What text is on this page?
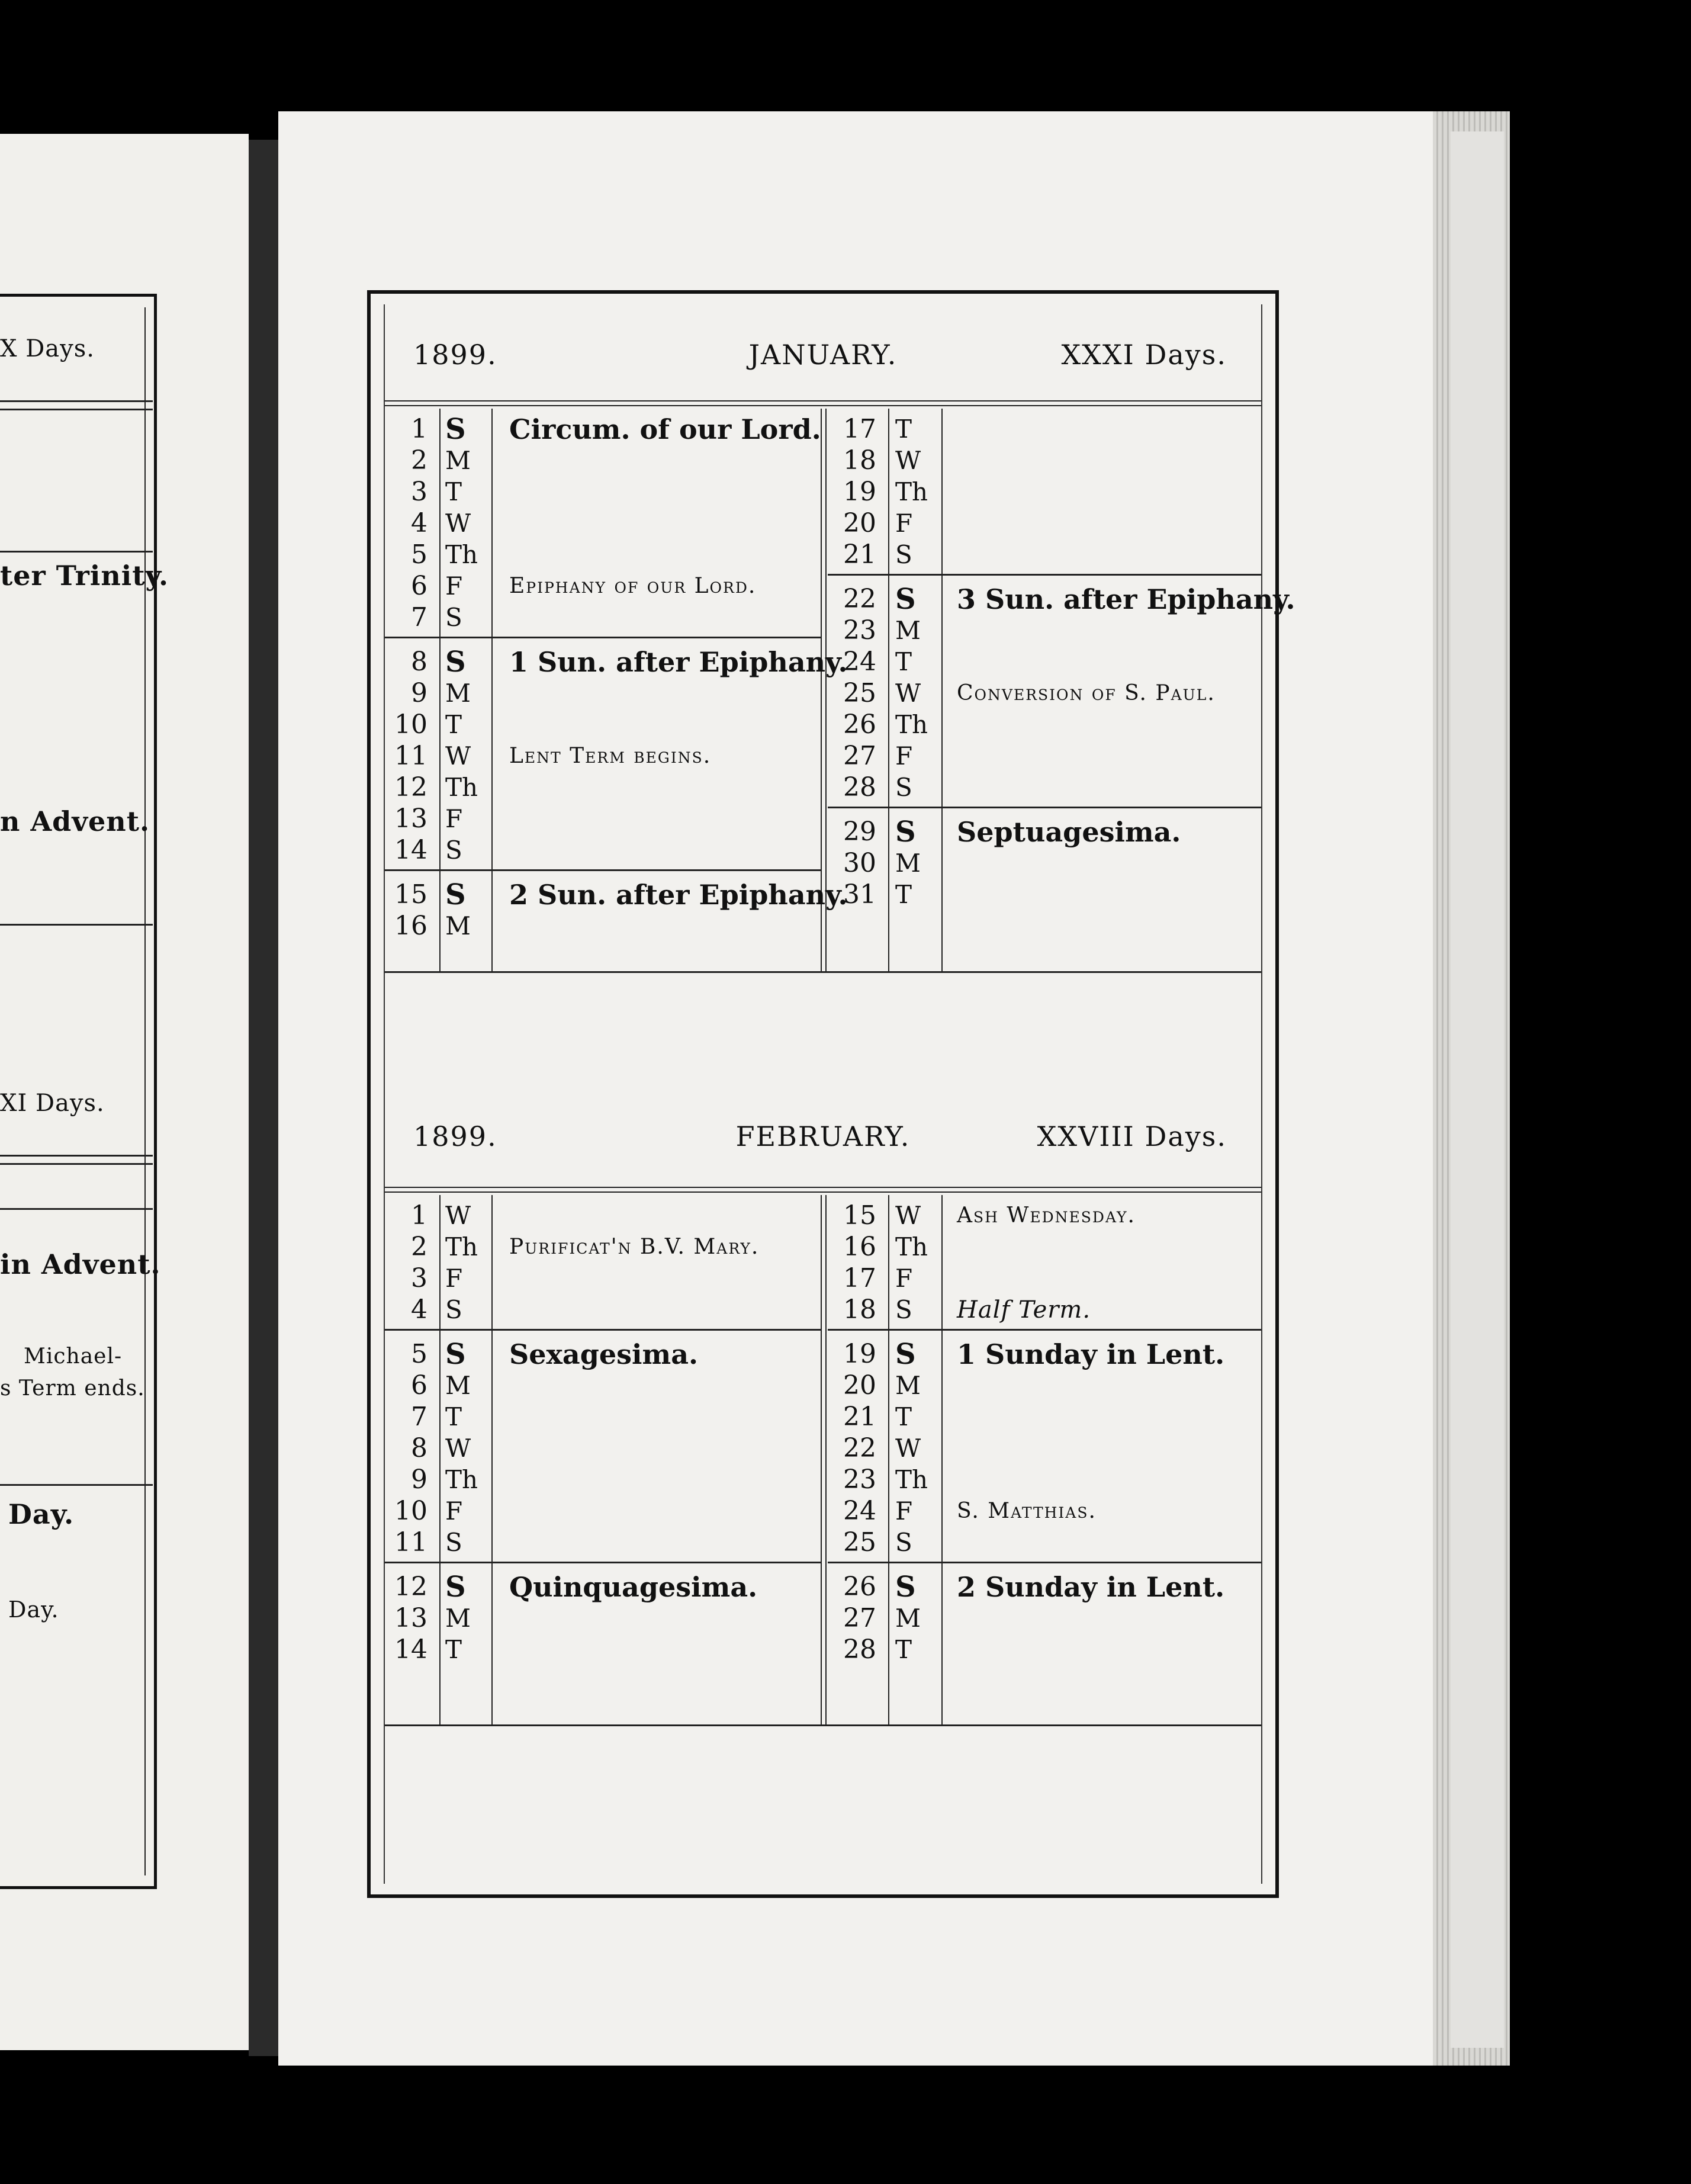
X Days.
ter Trinity.
n Advent.
XI Days.
in Advent.
Michael-
s Term ends.
Day.
Day.
1899.	JANUARY.	XXXI Days.
1 S Circum. of our Lord.
2 M
3 T
4 W
5 Th
6 F Epiphany of our Lord.
7 S
8 S 1 Sun. after Epiphany.
9 M
10 T
11 W Lent Term begins.
12 Th
13 F
14 S
15 S 2 Sun. after Epiphany.
16 M
17 T
18 W
19 Th
20 F
21 S
22 S 3 Sun. after Epiphany.
23 M
24 T
25 W Conversion of S. Paul.
26 Th
27 F
28 S
29 S Septuagesima.
30 M
31 T
1899.	FEBRUARY.	XXVIII Days.
1 W
2 Th Purificat'n B.V. Mary.
3 F
4 S
5 S Sexagesima.
6 M
7 T
8 W
9 Th
10 F
11 S
12 S Quinquagesima.
13 M
14 T
15 W Ash Wednesday.
16 Th
17 F
18 S Half Term.
19 S 1 Sunday in Lent.
20 M
21 T
22 W
23 Th
24 F S. Matthias.
25 S
26 S 2 Sunday in Lent.
27 M
28 T
